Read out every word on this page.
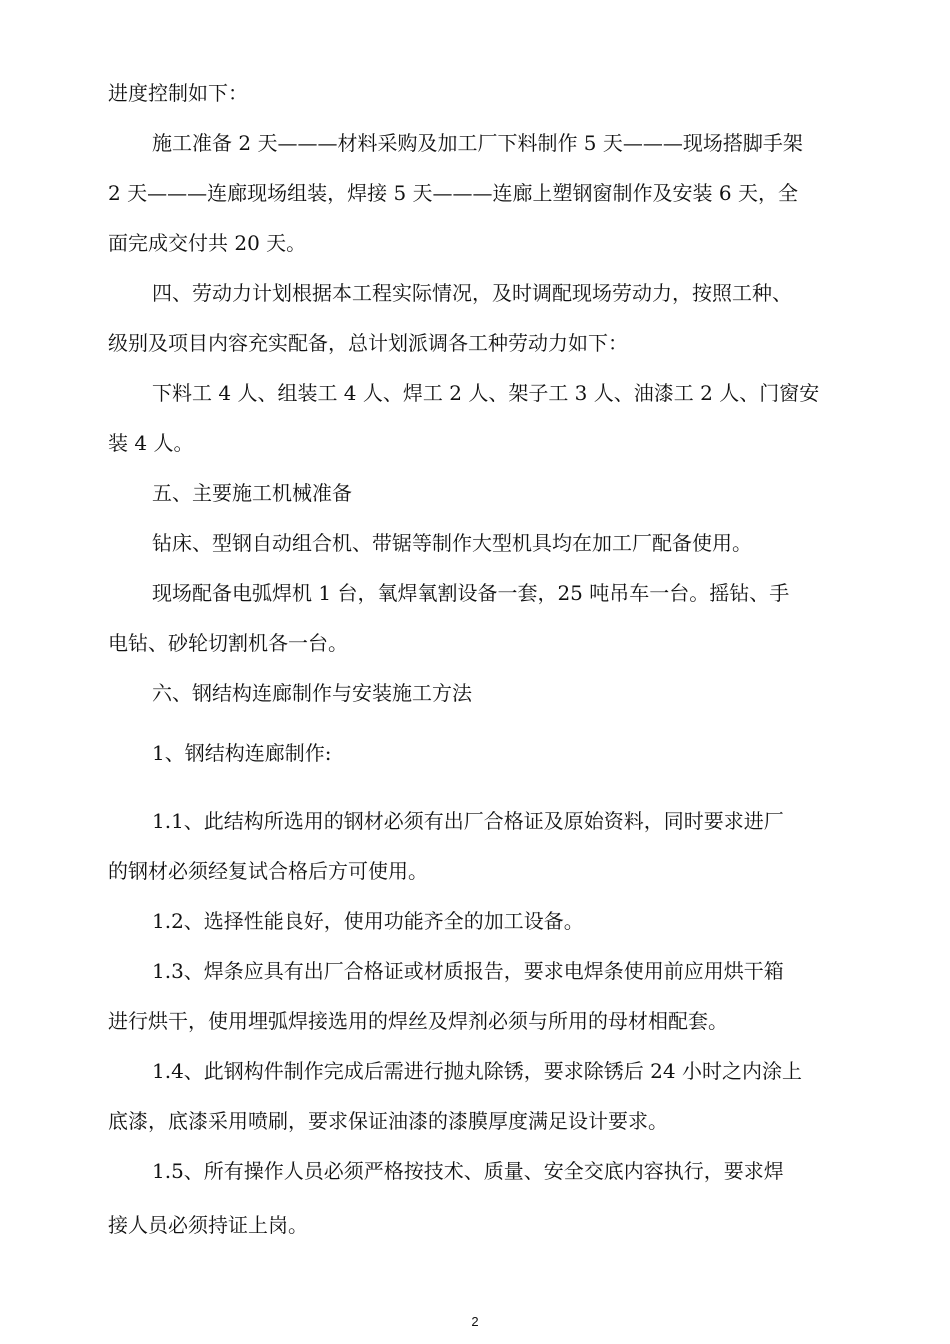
进度控制如下：
施工准备 2 天———材料采购及加工厂下料制作 5 天———现场搭脚手架
2 天———连廊现场组装，焊接 5 天———连廊上塑钢窗制作及安装 6 天，全
面完成交付共 20 天。
四、劳动力计划根据本工程实际情况，及时调配现场劳动力，按照工种、
级别及项目内容充实配备，总计划派调各工种劳动力如下：
下料工 4 人、组装工 4 人、焊工 2 人、架子工 3 人、油漆工 2 人、门窗安
装 4 人。
五、主要施工机械准备
钻床、型钢自动组合机、带锯等制作大型机具均在加工厂配备使用。
现场配备电弧焊机 1 台，氧焊氧割设备一套，25 吨吊车一台。摇钻、手
电钻、砂轮切割机各一台。
六、钢结构连廊制作与安装施工方法
1、钢结构连廊制作:
1.1、此结构所选用的钢材必须有出厂合格证及原始资料，同时要求进厂
的钢材必须经复试合格后方可使用。
1.2、选择性能良好，使用功能齐全的加工设备。
1.3、焊条应具有出厂合格证或材质报告，要求电焊条使用前应用烘干箱
进行烘干，使用埋弧焊接选用的焊丝及焊剂必须与所用的母材相配套。
1.4、此钢构件制作完成后需进行抛丸除锈，要求除锈后 24 小时之内涂上
底漆，底漆采用喷刷，要求保证油漆的漆膜厚度满足设计要求。
1.5、所有操作人员必须严格按技术、质量、安全交底内容执行，要求焊
接人员必须持证上岗。
2
